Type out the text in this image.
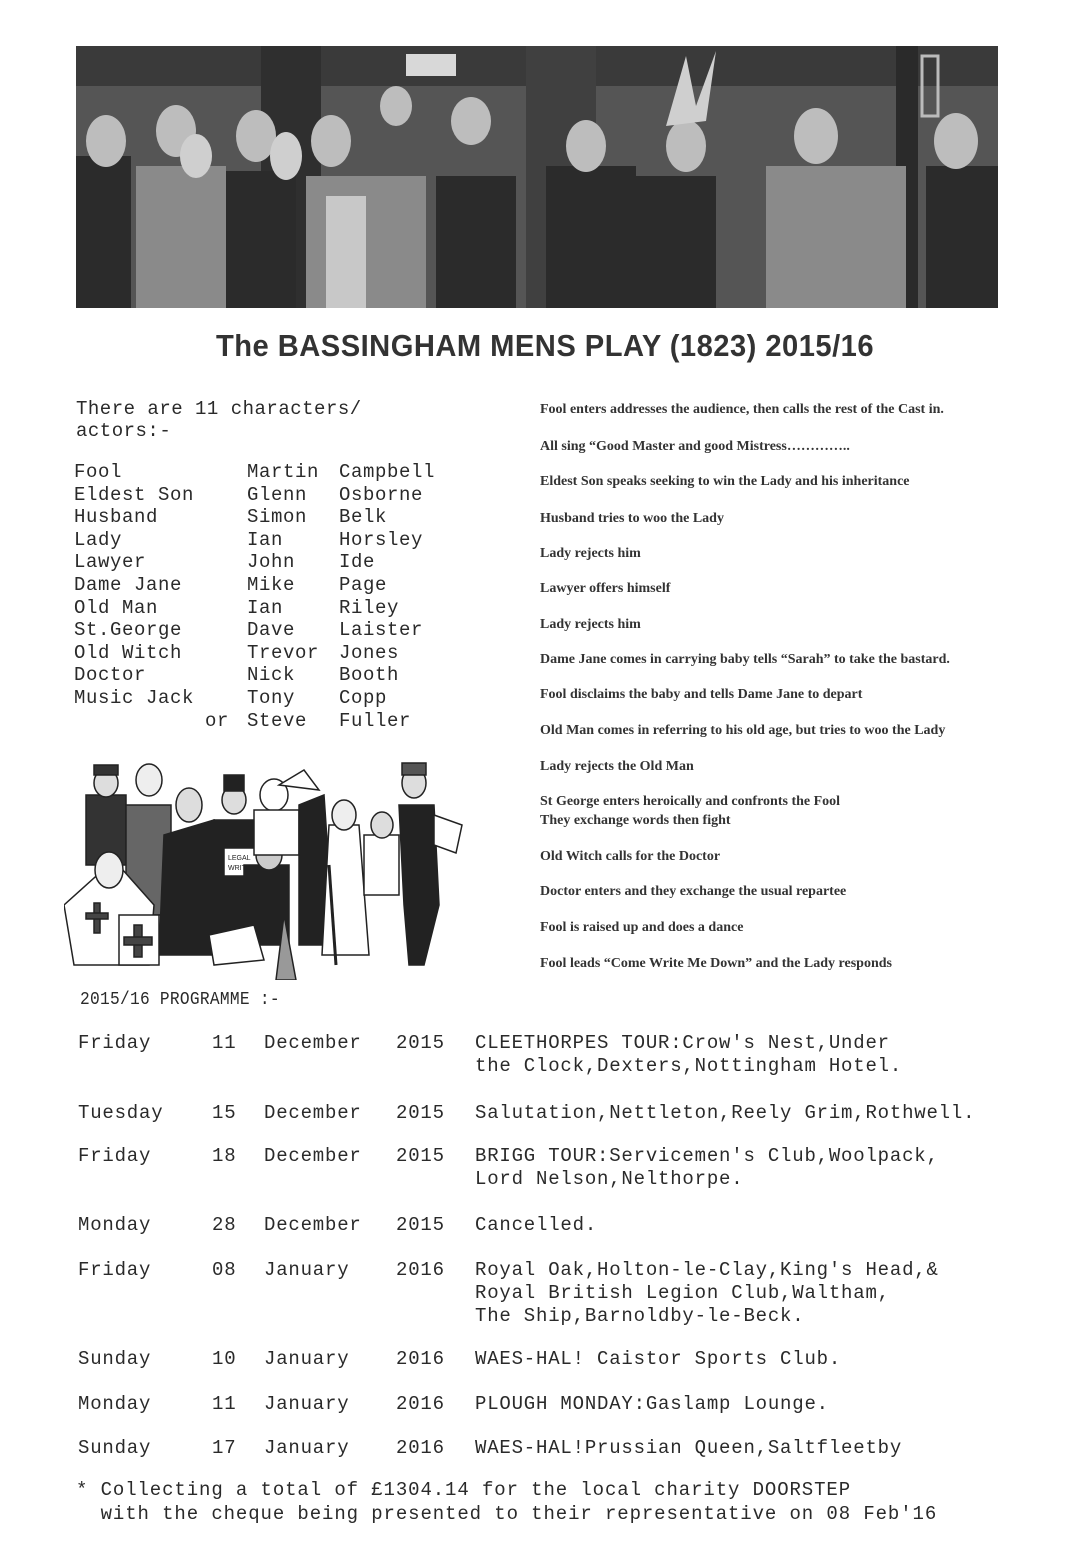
The BASSINGHAM MENS PLAY (1823) 2015/16
There are 11 characters/
actors:-
Fool	Martin Campbell
Eldest Son	Glenn Osborne
Husband	Simon Belk
Lady	Ian	Horsley
Lawyer	John Ide
Dame Jane	Mike Page
Old Man	Ian	Riley
St.George	Dave Laister
Old Witch	Trevor Jones
Doctor	Nick Booth
Music Jack	Tony Copp
or Steve Fuller
Fool enters addresses the audience, then calls the rest of the Cast in.
All sing “Good Master and good Mistress…………..
Eldest Son speaks seeking to win the Lady and his inheritance
Husband tries to woo the Lady
Lady rejects him
Lawyer offers himself
Lady rejects him
Dame Jane comes in carrying baby tells “Sarah” to take the bastard.
Fool disclaims the baby and tells Dame Jane to depart
Old Man comes in referring to his old age, but tries to woo the Lady
Lady rejects the Old Man
St George enters heroically and confronts the Fool
They exchange words then fight
Old Witch calls for the Doctor
Doctor enters and they exchange the usual repartee
Fool is raised up and does a dance
Fool leads “Come Write Me Down” and the Lady responds
LEGAL
WRIT
2015/16 PROGRAMME :-
Friday	11 December 2015 CLEETHORPES TOUR:Crow's Nest,Under
the Clock,Dexters,Nottingham Hotel.
Tuesday	15 December 2015 Salutation,Nettleton,Reely Grim,Rothwell.
Friday	18 December 2015 BRIGG TOUR:Servicemen's Club,Woolpack,
Lord Nelson,Nelthorpe.
Monday	28 December 2015 Cancelled.
Friday	08 January 2016 Royal Oak,Holton-le-Clay,King's Head,&
Royal British Legion Club,Waltham,
The Ship,Barnoldby-le-Beck.
Sunday	10 January 2016 WAES-HAL! Caistor Sports Club.
Monday	11 January 2016 PLOUGH MONDAY:Gaslamp Lounge.
Sunday	17 January 2016 WAES-HAL!Prussian Queen,Saltfleetby
* Collecting a total of £1304.14 for the local charity DOORSTEP
with the cheque being presented to their representative on 08 Feb'16
